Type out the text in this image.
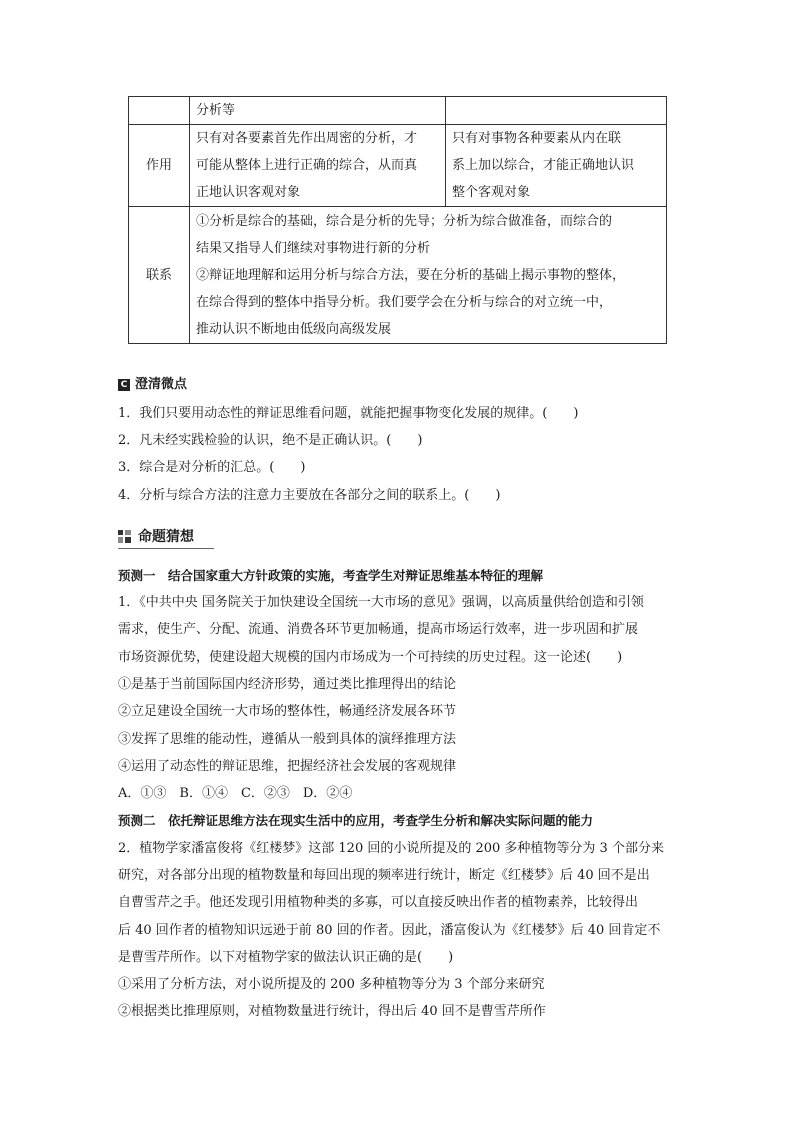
	分析等	
作用	只有对各要素首先作出周密的分析，才
可能从整体上进行正确的综合，从而真
正地认识客观对象	只有对事物各种要素从内在联
系上加以综合，才能正确地认识
整个客观对象

联系	①分析是综合的基础，综合是分析的先导；分析为综合做准备，而综合的
结果又指导人们继续对事物进行新的分析
②辩证地理解和运用分析与综合方法，要在分析的基础上揭示事物的整体，
在综合得到的整体中指导分析。我们要学会在分析与综合的对立统一中，
推动认识不断地由低级向高级发展	
C 澄清微点
1．我们只要用动态性的辩证思维看问题，就能把握事物变化发展的规律。(　　)
2．凡未经实践检验的认识，绝不是正确认识。(　　)
3．综合是对分析的汇总。(　　)
4．分析与综合方法的注意力主要放在各部分之间的联系上。(　　)
命题猜想
预测一　结合国家重大方针政策的实施，考查学生对辩证思维基本特征的理解
1．《中共中央 国务院关于加快建设全国统一大市场的意见》强调，以高质量供给创造和引领
需求，使生产、分配、流通、消费各环节更加畅通，提高市场运行效率，进一步巩固和扩展
市场资源优势，使建设超大规模的国内市场成为一个可持续的历史过程。这一论述(　　)
①是基于当前国际国内经济形势，通过类比推理得出的结论
②立足建设全国统一大市场的整体性，畅通经济发展各环节
③发挥了思维的能动性，遵循从一般到具体的演绎推理方法
④运用了动态性的辩证思维，把握经济社会发展的客观规律
A．①③　B．①④　C．②③　D．②④
预测二　依托辩证思维方法在现实生活中的应用，考查学生分析和解决实际问题的能力
2．植物学家潘富俊将《红楼梦》这部 120 回的小说所提及的 200 多种植物等分为 3 个部分来
研究，对各部分出现的植物数量和每回出现的频率进行统计，断定《红楼梦》后 40 回不是出
自曹雪芹之手。他还发现引用植物种类的多寡，可以直接反映出作者的植物素养，比较得出
后 40 回作者的植物知识远逊于前 80 回的作者。因此，潘富俊认为《红楼梦》后 40 回肯定不
是曹雪芹所作。以下对植物学家的做法认识正确的是(　　)
①采用了分析方法，对小说所提及的 200 多种植物等分为 3 个部分来研究
②根据类比推理原则，对植物数量进行统计，得出后 40 回不是曹雪芹所作
